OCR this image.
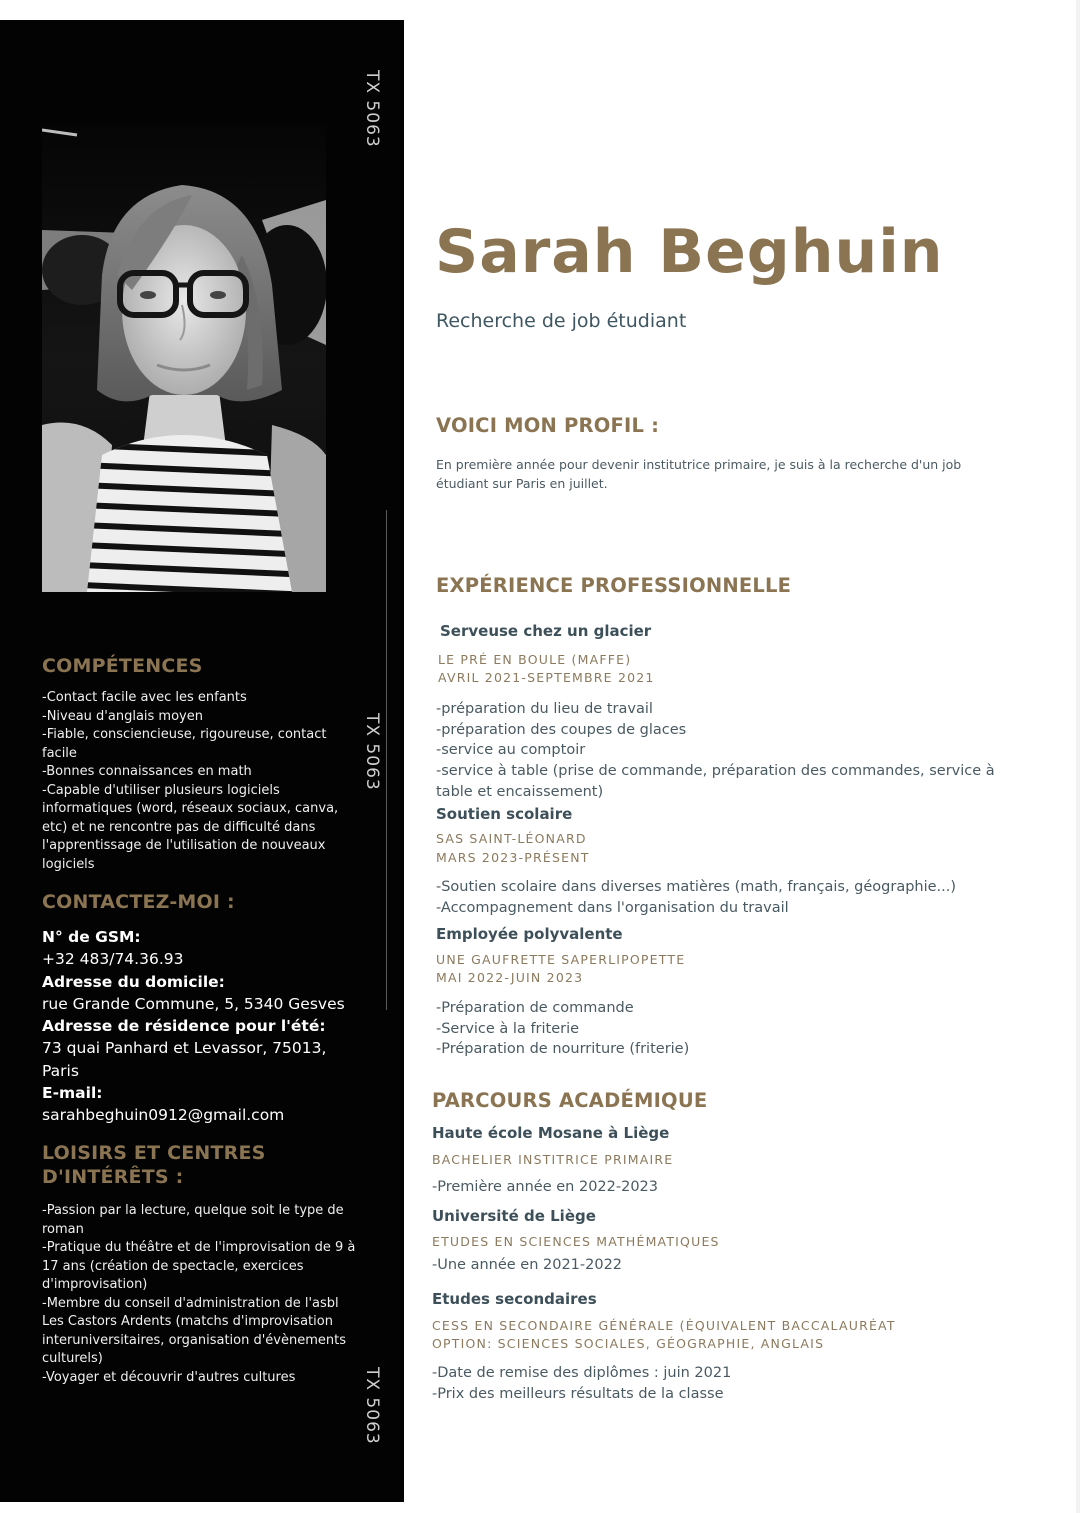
TX 5063
TX 5063
TX 5063
COMPÉTENCES
-Contact facile avec les enfants
-Niveau d'anglais moyen
-Fiable, consciencieuse, rigoureuse, contact facile
-Bonnes connaissances en math
-Capable d'utiliser plusieurs logiciels informatiques (word, réseaux sociaux, canva, etc) et ne rencontre pas de difficulté dans l'apprentissage de l'utilisation de nouveaux logiciels
CONTACTEZ-MOI :
N° de GSM:
+32 483/74.36.93
Adresse du domicile:
rue Grande Commune, 5, 5340 Gesves
Adresse de résidence pour l'été:
73 quai Panhard et Levassor, 75013, Paris
E-mail:
sarahbeghuin0912@gmail.com
LOISIRS ET CENTRES
D'INTÉRÊTS :
-Passion par la lecture, quelque soit le type de roman
-Pratique du théâtre et de l'improvisation de 9 à 17 ans (création de spectacle, exercices d'improvisation)
-Membre du conseil d'administration de l'asbl Les Castors Ardents (matchs d'improvisation interuniversitaires, organisation d'évènements culturels)
-Voyager et découvrir d'autres cultures
Sarah Beghuin
Recherche de job étudiant
VOICI MON PROFIL :
En première année pour devenir institutrice primaire, je suis à la recherche d'un job étudiant sur Paris en juillet.
EXPÉRIENCE PROFESSIONNELLE
Serveuse chez un glacier
LE PRÉ EN BOULE (MAFFE)
AVRIL 2021-SEPTEMBRE 2021
-préparation du lieu de travail
-préparation des coupes de glaces
-service au comptoir
-service à table (prise de commande, préparation des commandes, service à table et encaissement)
Soutien scolaire
SAS SAINT-LÉONARD
MARS 2023-PRÉSENT
-Soutien scolaire dans diverses matières (math, français, géographie...)
-Accompagnement dans l'organisation du travail
Employée polyvalente
UNE GAUFRETTE SAPERLIPOPETTE
MAI 2022-JUIN 2023
-Préparation de commande
-Service à la friterie
-Préparation de nourriture (friterie)
PARCOURS ACADÉMIQUE
Haute école Mosane à Liège
BACHELIER INSTITRICE PRIMAIRE
-Première année en 2022-2023
Université de Liège
ETUDES EN SCIENCES MATHÉMATIQUES
-Une année en 2021-2022
Etudes secondaires
CESS EN SECONDAIRE GÉNÉRALE (ÉQUIVALENT BACCALAURÉAT
OPTION: SCIENCES SOCIALES, GÉOGRAPHIE, ANGLAIS
-Date de remise des diplômes : juin 2021
-Prix des meilleurs résultats de la classe
